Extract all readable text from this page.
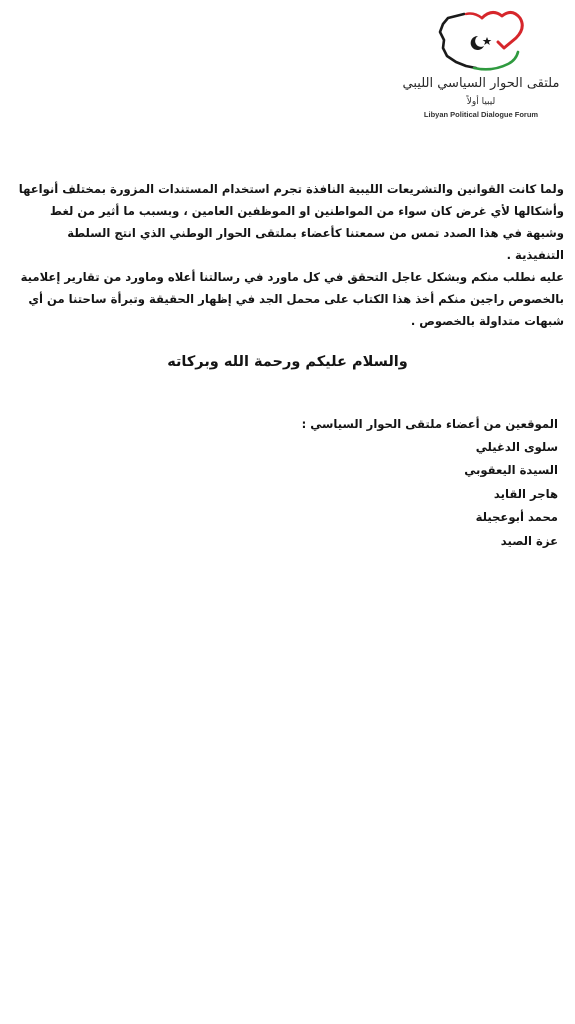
ملتقى الحوار السياسي الليبي
ليبيا أولاً
Libyan Political Dialogue Forum
ولما كانت القوانين والتشريعات الليبية النافذة تجرم استخدام المستندات المزورة بمختلف أنواعها وأشكالها لأي غرض كان سواء من المواطنين او الموظفين العامين ، وبسبب ما أثير من لغط وشبهة في هذا الصدد تمس من سمعتنا كأعضاء بملتقى الحوار الوطني الذي انتج السلطة التنفيذية .
عليه نطلب منكم وبشكل عاجل التحقق في كل ماورد في رسالتنا أعلاه وماورد من تقارير إعلامية بالخصوص راجين منكم أخذ هذا الكتاب على محمل الجد في إظهار الحقيقة وتبرأة ساحتنا من أي شبهات متداولة بالخصوص .
والسلام عليكم ورحمة الله وبركاته
الموقعين من أعضاء ملتقى الحوار السياسي :
سلوى الدغيلي
السيدة اليعقوبي
هاجر القايد
محمد أبوعجيلة
عزة الصيد
